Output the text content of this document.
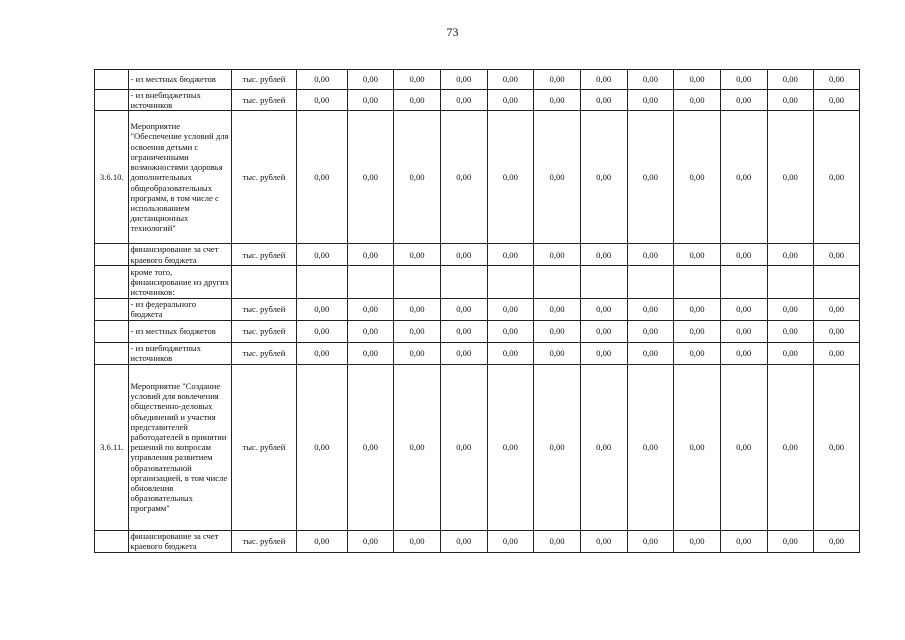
73
	- из местных бюджетов	тыс. рублей	0,00	0,00	0,00	0,00	0,00	0,00	0,00	0,00	0,00	0,00	0,00	0,00
	- из внебюджетных источников	тыс. рублей	0,00	0,00	0,00	0,00	0,00	0,00	0,00	0,00	0,00	0,00	0,00	0,00
3.6.10.	Мероприятие "Обеспечение условий для освоения детьми с ограниченными возможностями здоровья дополнительных общеобразовательных программ, в том числе с использованием дистанционных технологий"	тыс. рублей	0,00	0,00	0,00	0,00	0,00	0,00	0,00	0,00	0,00	0,00	0,00	0,00
	финансирование за счет краевого бюджета	тыс. рублей	0,00	0,00	0,00	0,00	0,00	0,00	0,00	0,00	0,00	0,00	0,00	0,00
	кроме того, финансирование из других источников:													
	- из федерального бюджета	тыс. рублей	0,00	0,00	0,00	0,00	0,00	0,00	0,00	0,00	0,00	0,00	0,00	0,00
	- из местных бюджетов	тыс. рублей	0,00	0,00	0,00	0,00	0,00	0,00	0,00	0,00	0,00	0,00	0,00	0,00
	- из внебюджетных источников	тыс. рублей	0,00	0,00	0,00	0,00	0,00	0,00	0,00	0,00	0,00	0,00	0,00	0,00
3.6.11.	Мероприятие "Создание условий для вовлечения общественно-деловых объединений и участия представителей работодателей в принятии решений по вопросам управления развитием образовательной организацией, в том числе обновления образовательных программ"	тыс. рублей	0,00	0,00	0,00	0,00	0,00	0,00	0,00	0,00	0,00	0,00	0,00	0,00
	финансирование за счет краевого бюджета	тыс. рублей	0,00	0,00	0,00	0,00	0,00	0,00	0,00	0,00	0,00	0,00	0,00	0,00
